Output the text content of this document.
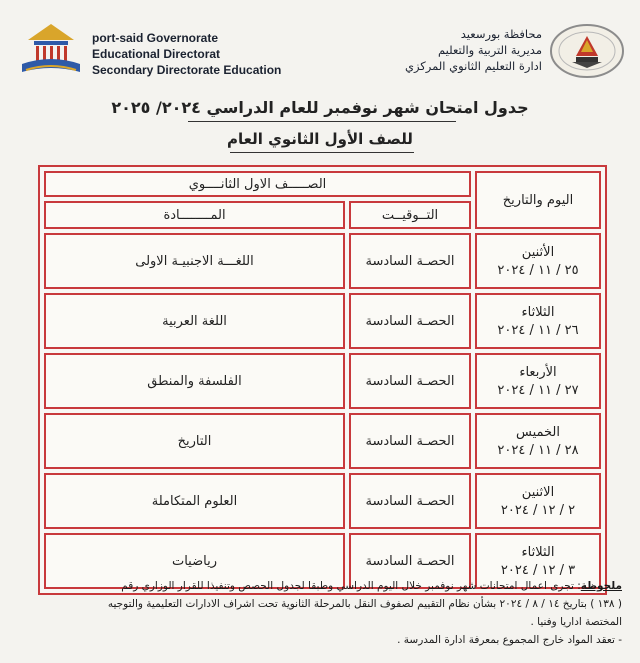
port-said Governorate
Educational Directorat
Secondary Directorate Education
محافظة بورسعيد
مديرية التربية والتعليم
ادارة التعليم الثانوي المركزي
جدول امتحان شهر نوفمبر للعام الدراسي ٢٠٢٤/ ٢٠٢٥
للصف الأول الثانوي العام
اليوم والتاريخ	الصـــــف الاول الثانــــوي	
	التــوقيــت	المــــــــادة

الأثنين
٢٥ / ١١ / ٢٠٢٤	الحصـة السادسة	اللغـــة الاجنبيـة الاولى

الثلاثاء
٢٦ / ١١ / ٢٠٢٤	الحصـة السادسة	اللغة العربية

الأربعاء
٢٧ / ١١ / ٢٠٢٤	الحصـة السادسة	الفلسفة والمنطق

الخميس
٢٨ / ١١ / ٢٠٢٤	الحصـة السادسة	التاريخ

الاثنين
٢ / ١٢ / ٢٠٢٤	الحصـة السادسة	العلوم المتكاملة

الثلاثاء
٣ / ١٢ / ٢٠٢٤	الحصـة السادسة	رياضيات
ملحوظة: تجرى اعمال امتحانات شهر نوفمبر خلال اليوم الدراسي وطبقا لجدول الحصص وتنفيذا للقرار الوزاري رقم
( ١٣٨ ) بتاريخ ١٤ / ٨ / ٢٠٢٤ بشأن نظام التقييم لصفوف النقل بالمرحلة الثانوية تحت اشراف الادارات التعليمية والتوجيه
المختصة اداريا وفنيا .
- تعقد المواد خارج المجموع بمعرفة ادارة المدرسة .
